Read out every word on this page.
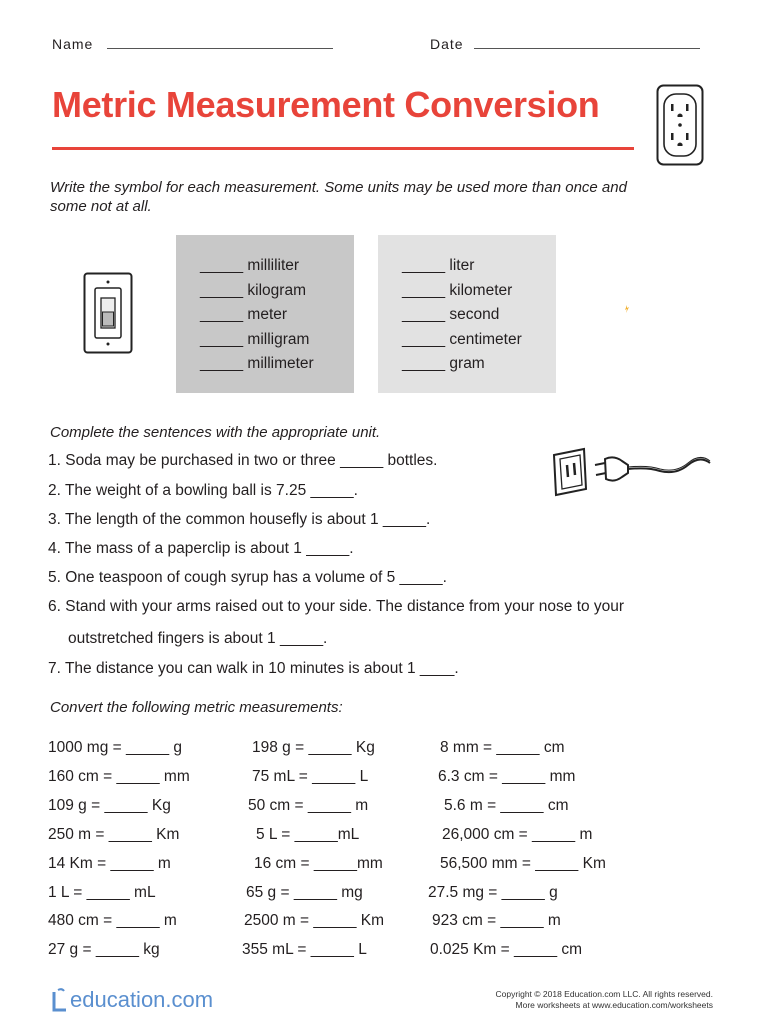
Name	Date
Metric Measurement Conversion
Write the symbol for each measurement. Some units may be used more than once and some not at all.
_____ milliliter
_____ kilogram
_____ meter
_____ milligram
_____ millimeter
_____ liter
_____ kilometer
_____ second
_____ centimeter
_____ gram
Complete the sentences with the appropriate unit.
1. Soda may be purchased in two or three _____ bottles.
2. The weight of a bowling ball is 7.25 _____.
3. The length of the common housefly is about 1 _____.
4. The mass of a paperclip is about 1 _____.
5. One teaspoon of cough syrup has a volume of 5 _____.
6. Stand with your arms raised out to your side. The distance from your nose to your
outstretched fingers is about 1 _____.
7. The distance you can walk in 10 minutes is about 1 ____.
Convert the following metric measurements:
1000 mg = _____ g
160 cm = _____ mm
109 g = _____ Kg
250 m = _____ Km
14 Km = _____ m
1 L = _____ mL
480 cm = _____ m
27 g = _____ kg
198 g = _____ Kg
75 mL = _____ L
50 cm = _____ m
5 L = _____mL
16 cm = _____mm
65 g = _____ mg
2500 m = _____ Km
355 mL = _____ L
8 mm = _____ cm
6.3 cm = _____ mm
5.6 m = _____ cm
26,000 cm = _____ m
56,500 mm = _____ Km
27.5 mg = _____ g
923 cm = _____ m
0.025 Km = _____ cm
education.com	Copyright © 2018 Education.com LLC. All rights reserved.
More worksheets at www.education.com/worksheets
